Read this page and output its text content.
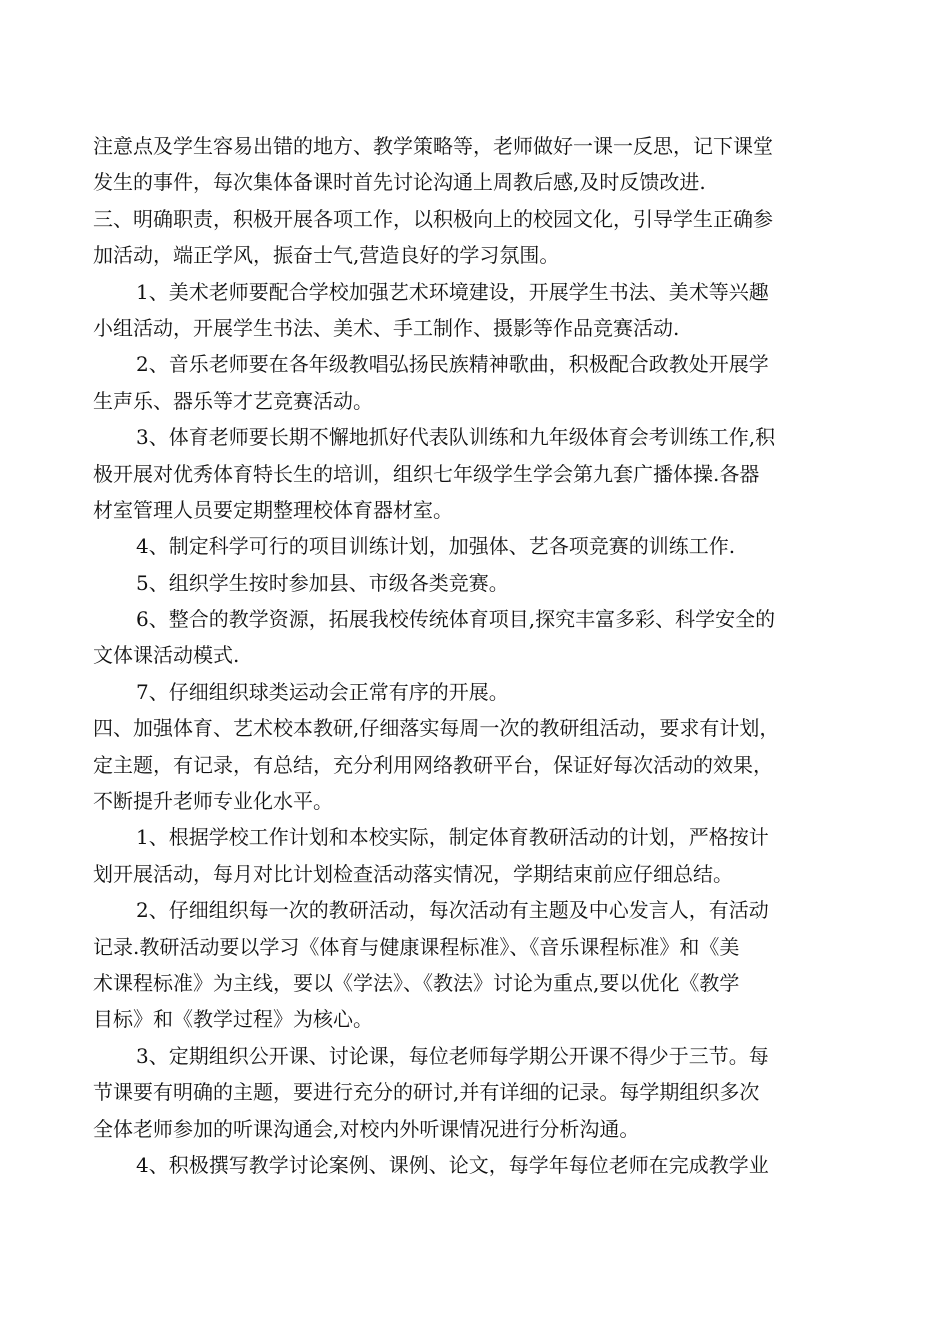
注意点及学生容易出错的地方、教学策略等，老师做好一课一反思，记下课堂
发生的事件，每次集体备课时首先讨论沟通上周教后感,及时反馈改进.
三、明确职责，积极开展各项工作，以积极向上的校园文化，引导学生正确参
加活动，端正学风，振奋士气,营造良好的学习氛围。
1、美术老师要配合学校加强艺术环境建设，开展学生书法、美术等兴趣
小组活动，开展学生书法、美术、手工制作、摄影等作品竞赛活动.
2、音乐老师要在各年级教唱弘扬民族精神歌曲，积极配合政教处开展学
生声乐、器乐等才艺竞赛活动。
3、体育老师要长期不懈地抓好代表队训练和九年级体育会考训练工作,积
极开展对优秀体育特长生的培训，组织七年级学生学会第九套广播体操.各器
材室管理人员要定期整理校体育器材室。
4、制定科学可行的项目训练计划，加强体、艺各项竞赛的训练工作.
5、组织学生按时参加县、市级各类竞赛。
6、整合的教学资源，拓展我校传统体育项目,探究丰富多彩、科学安全的
文体课活动模式.
7、仔细组织球类运动会正常有序的开展。
四、加强体育、艺术校本教研,仔细落实每周一次的教研组活动，要求有计划，
定主题，有记录，有总结，充分利用网络教研平台，保证好每次活动的效果，
不断提升老师专业化水平。
1、根据学校工作计划和本校实际，制定体育教研活动的计划，严格按计
划开展活动，每月对比计划检查活动落实情况，学期结束前应仔细总结。
2、仔细组织每一次的教研活动，每次活动有主题及中心发言人，有活动
记录.教研活动要以学习《体育与健康课程标准》、《音乐课程标准》和《美
术课程标准》为主线，要以《学法》、《教法》讨论为重点,要以优化《教学
目标》和《教学过程》为核心。
3、定期组织公开课、讨论课，每位老师每学期公开课不得少于三节。每
节课要有明确的主题，要进行充分的研讨,并有详细的记录。每学期组织多次
全体老师参加的听课沟通会,对校内外听课情况进行分析沟通。
4、积极撰写教学讨论案例、课例、论文，每学年每位老师在完成教学业
